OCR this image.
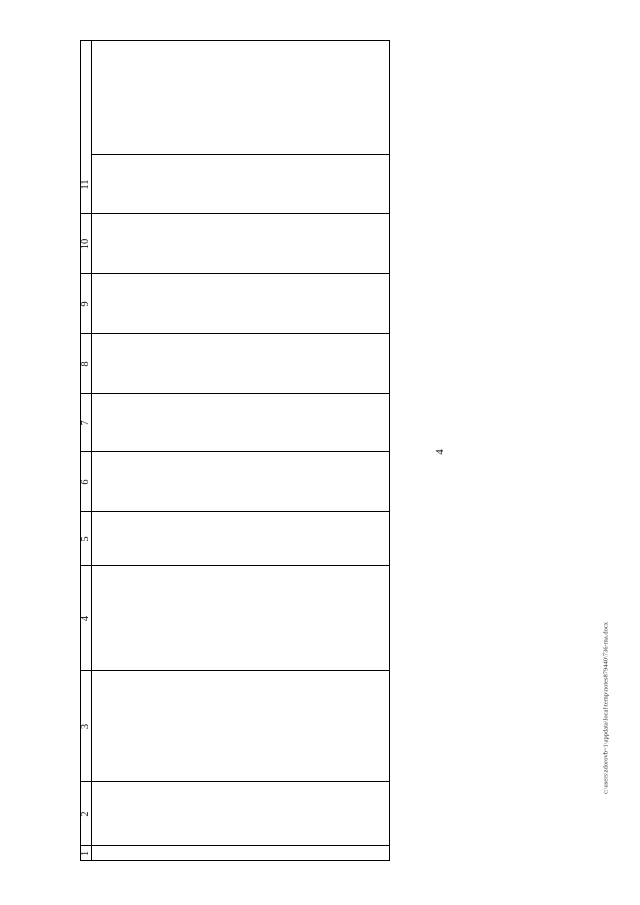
4
c:\users\zdorovb~1\appdata\local\temp\notes879440\736-ma.docx
1
2
3
4
5
6
7
8
9
10
11
